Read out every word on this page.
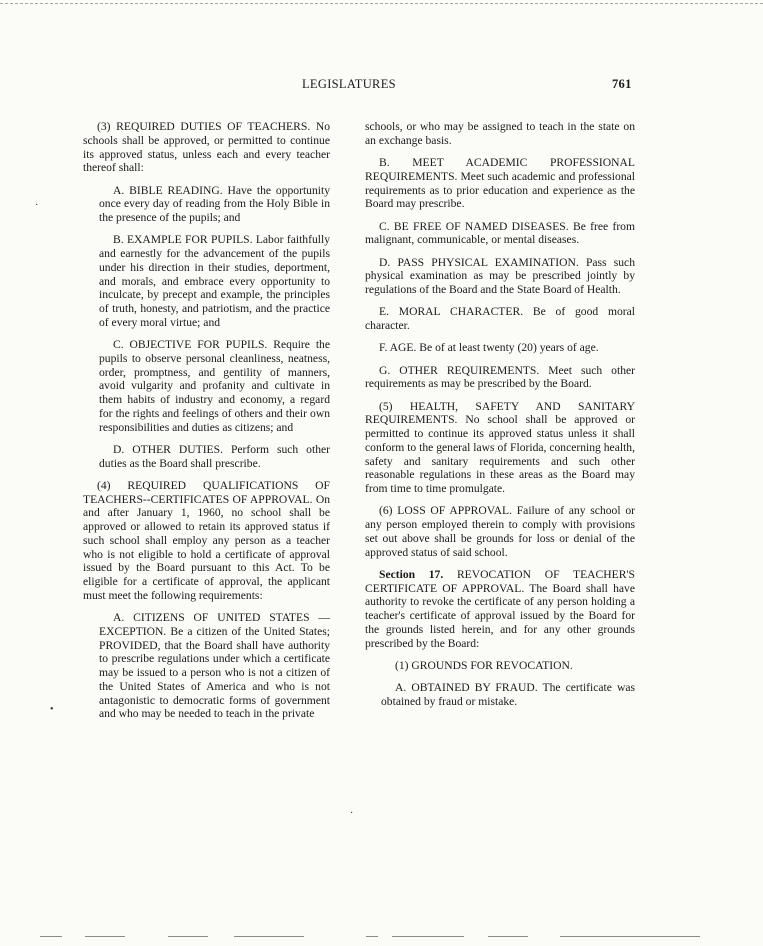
LEGISLATURES	761

(3) REQUIRED DUTIES OF TEACHERS. No schools shall be approved, or permitted to continue its approved status, unless each and every teacher thereof shall:

A. BIBLE READING. Have the opportunity once every day of reading from the Holy Bible in the presence of the pupils; and

B. EXAMPLE FOR PUPILS. Labor faithfully and earnestly for the advancement of the pupils under his direction in their studies, deportment, and morals, and embrace every opportunity to inculcate, by precept and example, the principles of truth, honesty, and patriotism, and the practice of every moral virtue; and

C. OBJECTIVE FOR PUPILS. Require the pupils to observe personal cleanliness, neatness, order, promptness, and gentility of manners, avoid vulgarity and profanity and cultivate in them habits of industry and economy, a regard for the rights and feelings of others and their own responsibilities and duties as citizens; and

D. OTHER DUTIES. Perform such other duties as the Board shall prescribe.

(4) REQUIRED QUALIFICATIONS OF TEACHERS--CERTIFICATES OF APPROVAL. On and after January 1, 1960, no school shall be approved or allowed to retain its approved status if such school shall employ any person as a teacher who is not eligible to hold a certificate of approval issued by the Board pursuant to this Act. To be eligible for a certificate of approval, the applicant must meet the following requirements:

A. CITIZENS OF UNITED STATES —EXCEPTION. Be a citizen of the United States; PROVIDED, that the Board shall have authority to prescribe regulations under which a certificate may be issued to a person who is not a citizen of the United States of America and who is not antagonistic to democratic forms of government and who may be needed to teach in the private

schools, or who may be assigned to teach in the state on an exchange basis.

B. MEET ACADEMIC PROFESSIONAL REQUIREMENTS. Meet such academic and professional requirements as to prior education and experience as the Board may prescribe.

C. BE FREE OF NAMED DISEASES. Be free from malignant, communicable, or mental diseases.

D. PASS PHYSICAL EXAMINATION. Pass such physical examination as may be prescribed jointly by regulations of the Board and the State Board of Health.

E. MORAL CHARACTER. Be of good moral character.

F. AGE. Be of at least twenty (20) years of age.

G. OTHER REQUIREMENTS. Meet such other requirements as may be prescribed by the Board.

(5) HEALTH, SAFETY AND SANITARY REQUIREMENTS. No school shall be approved or permitted to continue its approved status unless it shall conform to the general laws of Florida, concerning health, safety and sanitary requirements and such other reasonable regulations in these areas as the Board may from time to time promulgate.

(6) LOSS OF APPROVAL. Failure of any school or any person employed therein to comply with provisions set out above shall be grounds for loss or denial of the approved status of said school.

Section 17. REVOCATION OF TEACHER'S CERTIFICATE OF APPROVAL. The Board shall have authority to revoke the certificate of any person holding a teacher's certificate of approval issued by the Board for the grounds listed herein, and for any other grounds prescribed by the Board:

(1) GROUNDS FOR REVOCATION.

A. OBTAINED BY FRAUD. The certificate was obtained by fraud or mistake.

·
•
·
